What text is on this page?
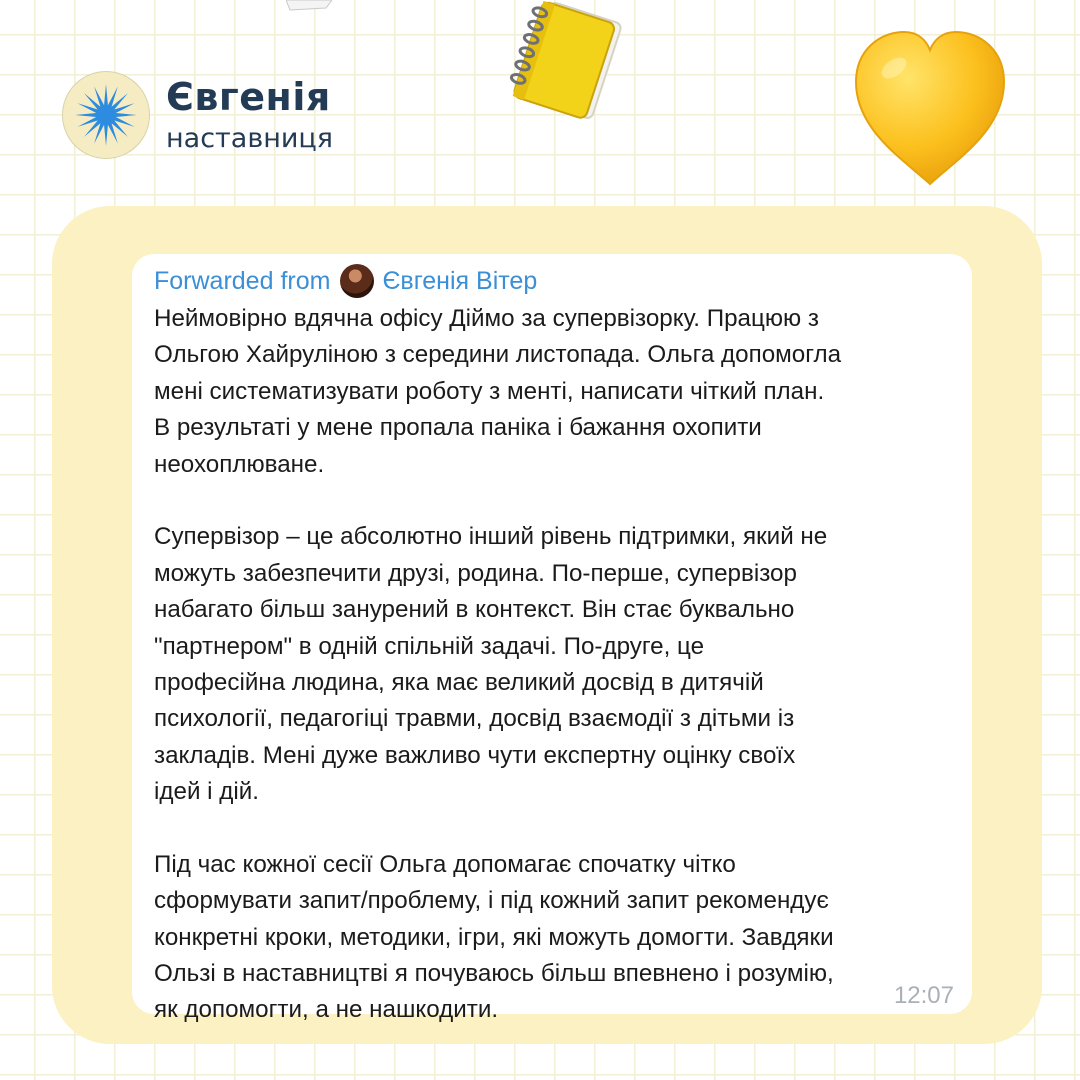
Євгенія
наставниця
Forwarded from Євгенія Вітер
Неймовірно вдячна офісу Діймо за супервізорку. Працюю з
Ольгою Хайруліною з середини листопада. Ольга допомогла
мені систематизувати роботу з менті, написати чіткий план.
В результаті у мене пропала паніка і бажання охопити
неохоплюване.
Супервізор – це абсолютно інший рівень підтримки, який не
можуть забезпечити друзі, родина. По-перше, супервізор
набагато більш занурений в контекст. Він стає буквально
"партнером" в одній спільній задачі. По-друге, це
професійна людина, яка має великий досвід в дитячій
психології, педагогіці травми, досвід взаємодії з дітьми із
закладів. Мені дуже важливо чути експертну оцінку своїх
ідей і дій.
Під час кожної сесії Ольга допомагає спочатку чітко
сформувати запит/проблему, і під кожний запит рекомендує
конкретні кроки, методики, ігри, які можуть домогти. Завдяки
Ользі в наставництві я почуваюсь більш впевнено і розумію,
як допомогти, а не нашкодити.
12:07
